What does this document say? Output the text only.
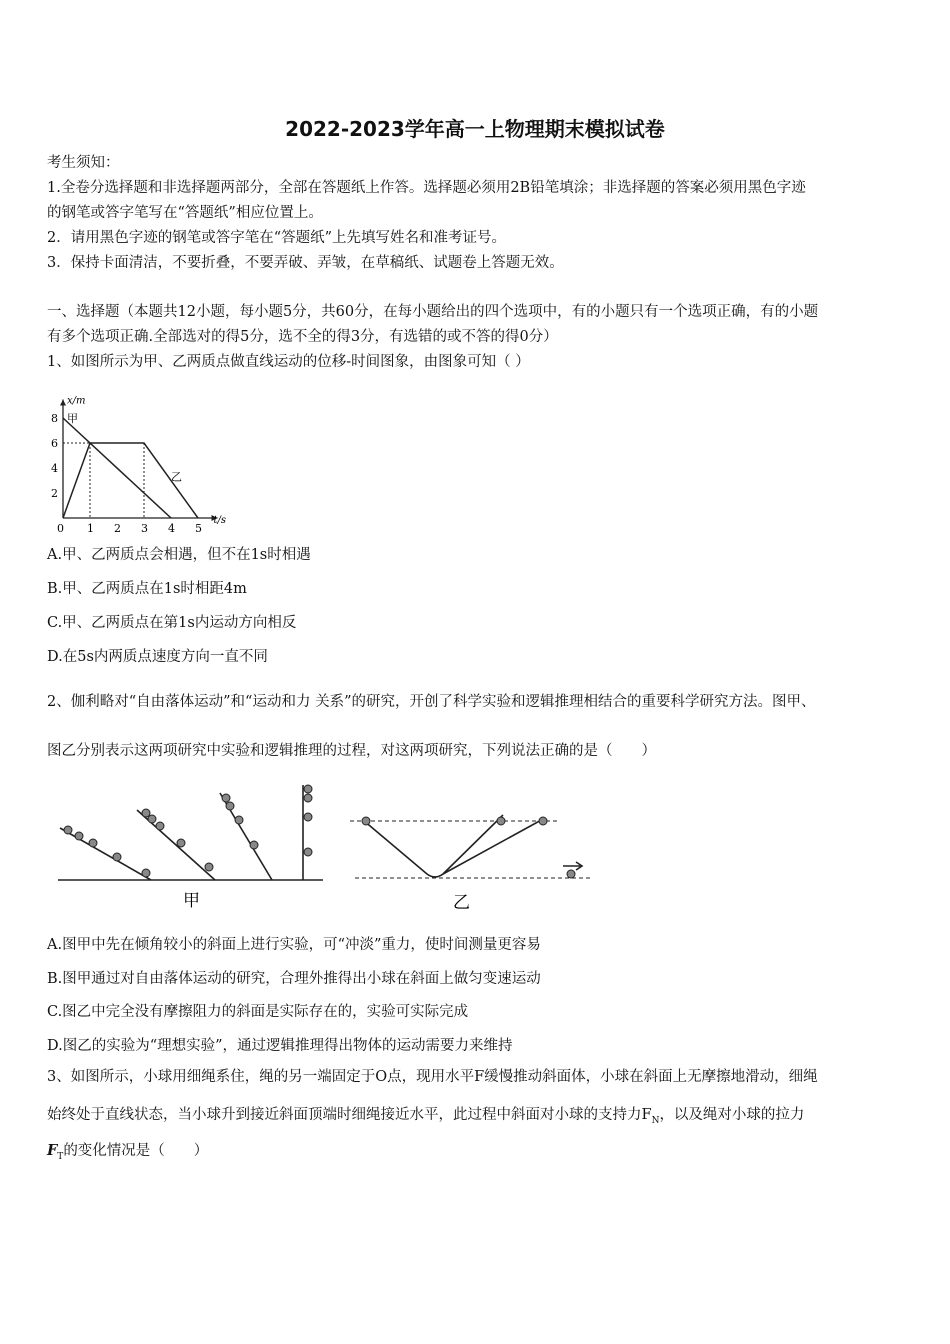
2022-2023学年高一上物理期末模拟试卷
考生须知：
1.全卷分选择题和非选择题两部分，全部在答题纸上作答。选择题必须用2B铅笔填涂；非选择题的答案必须用黑色字迹
的钢笔或答字笔写在“答题纸”相应位置上。
2．请用黑色字迹的钢笔或答字笔在“答题纸”上先填写姓名和准考证号。
3．保持卡面清洁，不要折叠，不要弄破、弄皱，在草稿纸、试题卷上答题无效。
一、选择题（本题共12小题，每小题5分，共60分，在每小题给出的四个选项中，有的小题只有一个选项正确，有的小题
有多个选项正确.全部选对的得5分，选不全的得3分，有选错的或不答的得0分）
1、如图所示为甲、乙两质点做直线运动的位移-时间图象，由图象可知（ ）
x/m
t/s
0 1 2 3 4 5
2
4
6
8 甲
乙
A.甲、乙两质点会相遇，但不在1s时相遇
B.甲、乙两质点在1s时相距4m
C.甲、乙两质点在第1s内运动方向相反
D.在5s内两质点速度方向一直不同
2、伽利略对“自由落体运动”和“运动和力 关系”的研究，开创了科学实验和逻辑推理相结合的重要科学研究方法。图甲、
图乙分别表示这两项研究中实验和逻辑推理的过程，对这两项研究，下列说法正确的是（　　）
甲	乙
A.图甲中先在倾角较小的斜面上进行实验，可“冲淡”重力，使时间测量更容易
B.图甲通过对自由落体运动的研究，合理外推得出小球在斜面上做匀变速运动
C.图乙中完全没有摩擦阻力的斜面是实际存在的，实验可实际完成
D.图乙的实验为“理想实验”，通过逻辑推理得出物体的运动需要力来维持
3、如图所示，小球用细绳系住，绳的另一端固定于O点，现用水平F缓慢推动斜面体，小球在斜面上无摩擦地滑动，细绳
始终处于直线状态，当小球升到接近斜面顶端时细绳接近水平，此过程中斜面对小球的支持力$F_N$，以及绳对小球的拉力
$F_T$的变化情况是（　　）
